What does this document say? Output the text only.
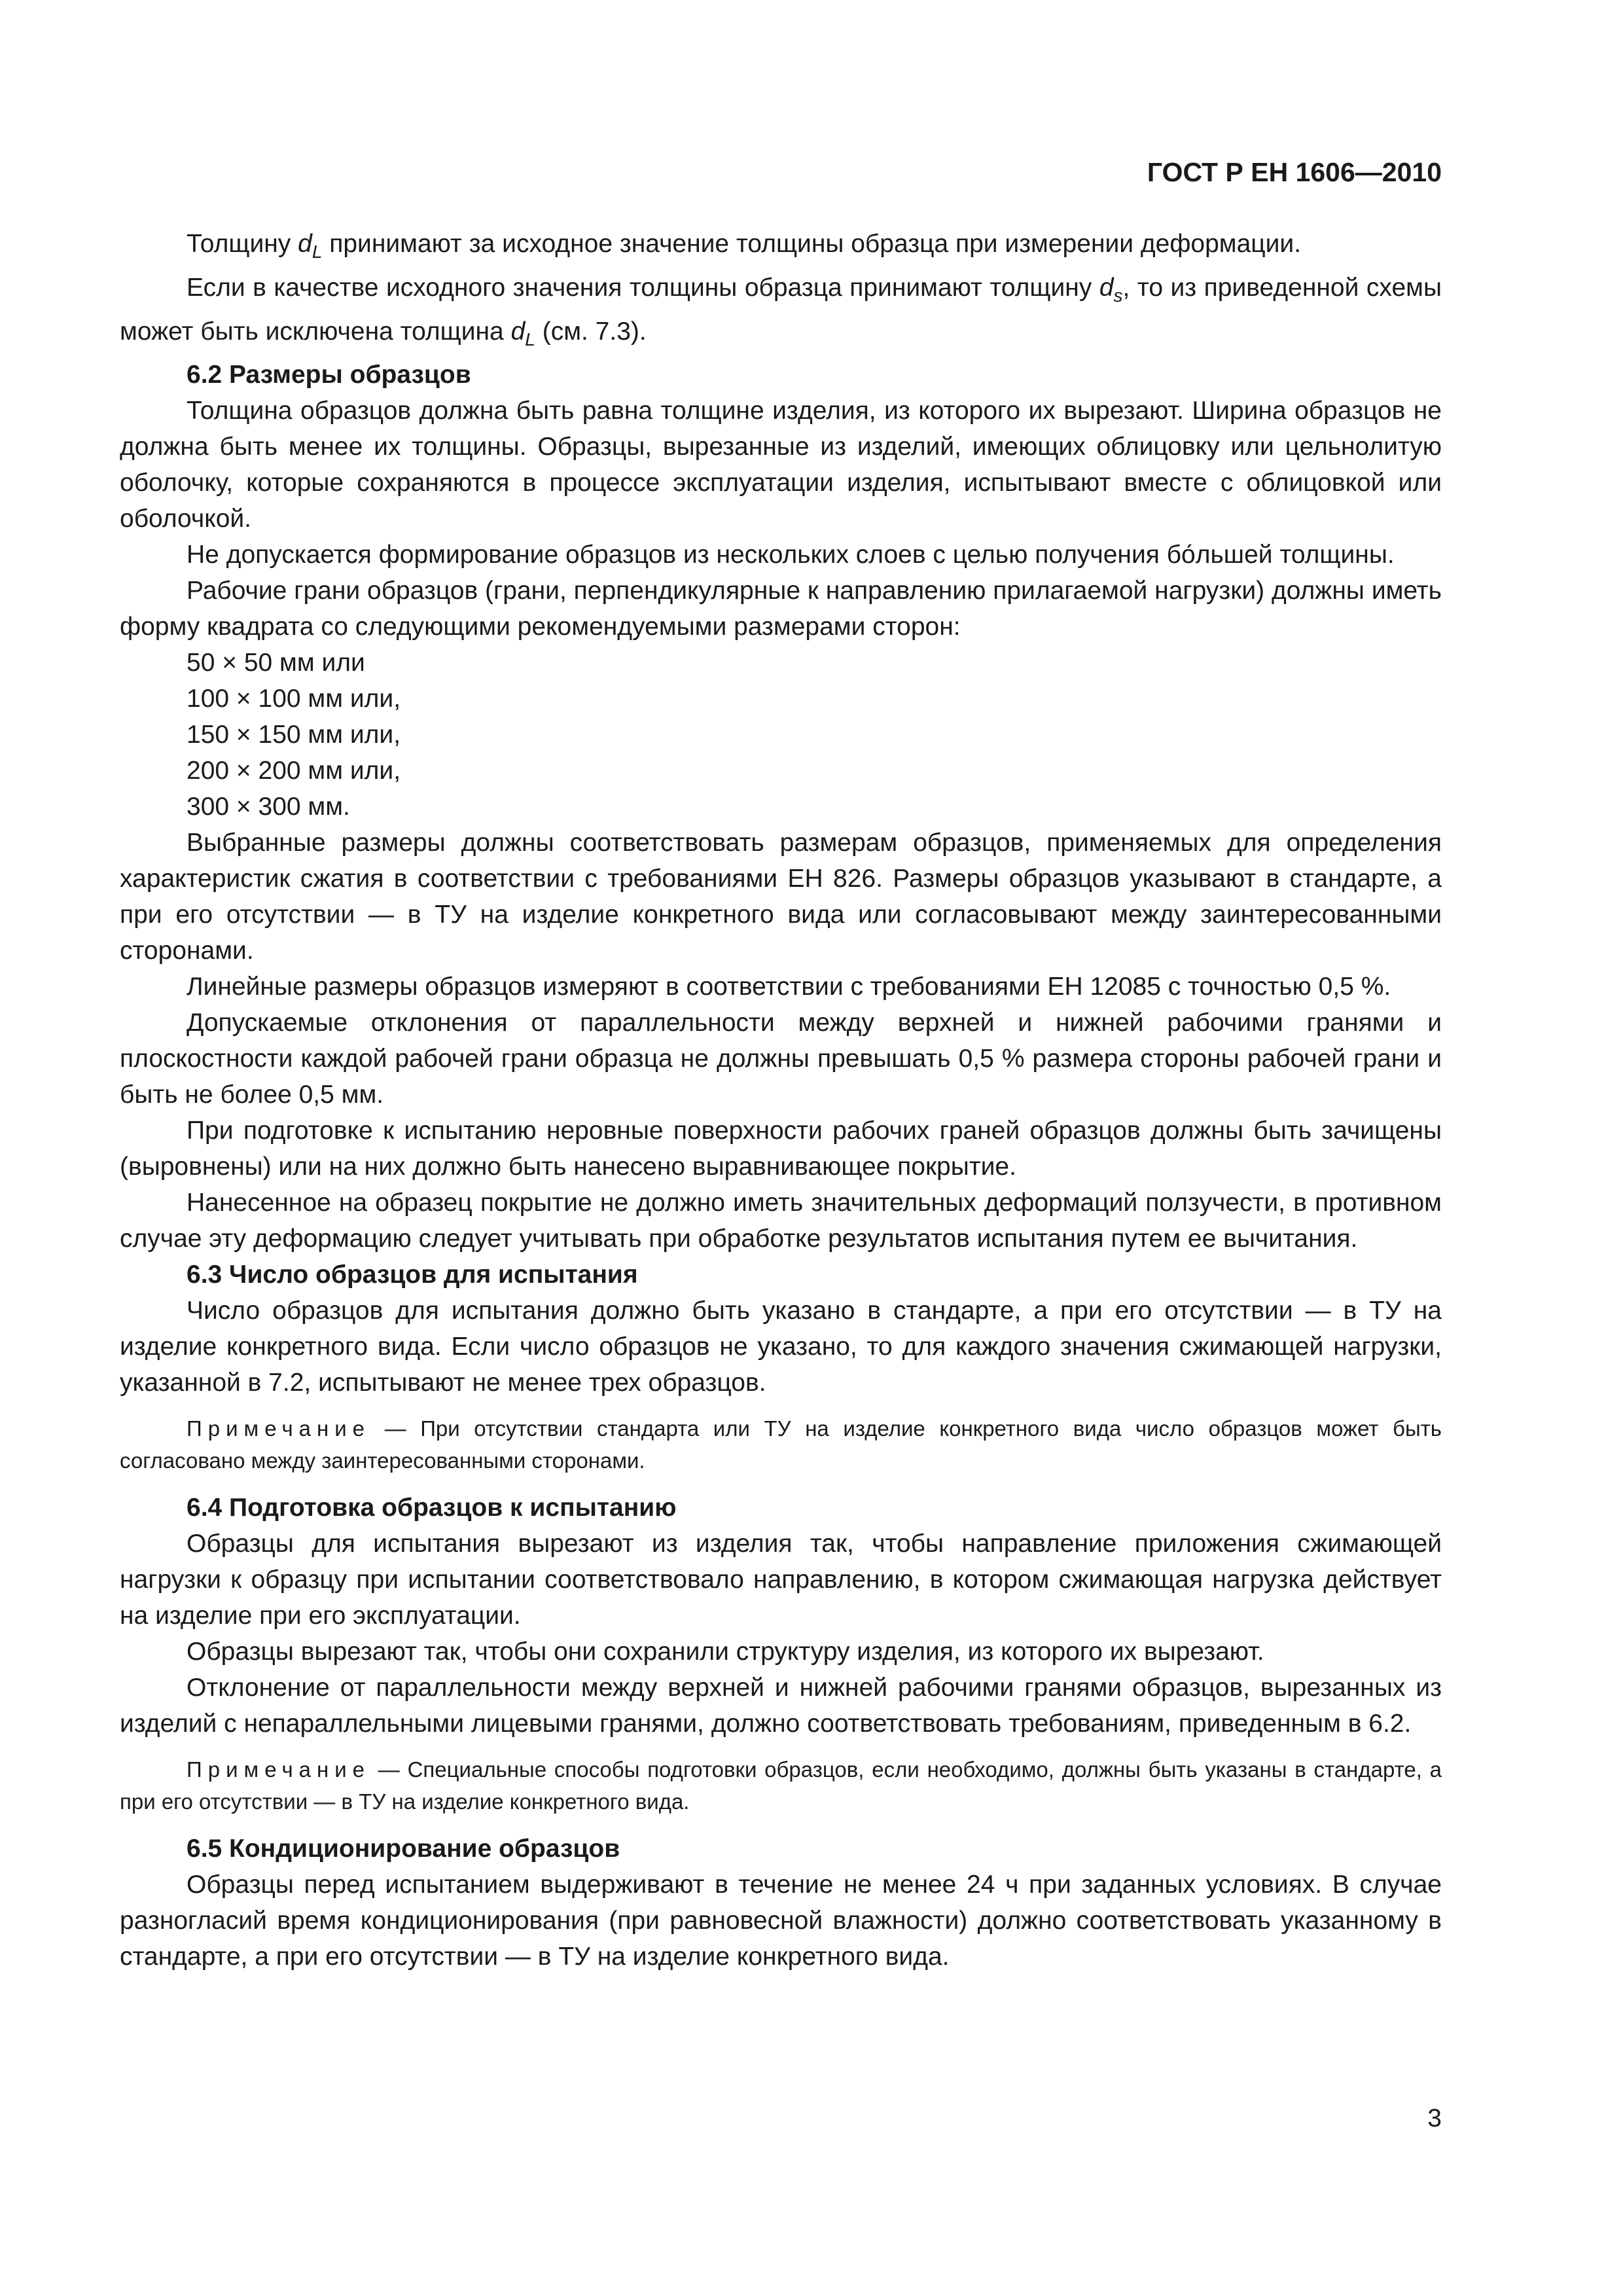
ГОСТ Р ЕН 1606—2010

Толщину $d_L$ принимают за исходное значение толщины образца при измерении деформации.

Если в качестве исходного значения толщины образца принимают толщину $d_s$, то из приведенной схемы может быть исключена толщина $d_L$ (см. 7.3).

6.2 Размеры образцов

Толщина образцов должна быть равна толщине изделия, из которого их вырезают. Ширина образцов не должна быть менее их толщины. Образцы, вырезанные из изделий, имеющих облицовку или цельнолитую оболочку, которые сохраняются в процессе эксплуатации изделия, испытывают вместе с облицовкой или оболочкой.

Не допускается формирование образцов из нескольких слоев с целью получения бо́льшей толщины.

Рабочие грани образцов (грани, перпендикулярные к направлению прилагаемой нагрузки) должны иметь форму квадрата со следующими рекомендуемыми размерами сторон:

50 × 50 мм или

100 × 100 мм или,

150 × 150 мм или,

200 × 200 мм или,

300 × 300 мм.

Выбранные размеры должны соответствовать размерам образцов, применяемых для определения характеристик сжатия в соответствии с требованиями ЕН 826. Размеры образцов указывают в стандарте, а при его отсутствии — в ТУ на изделие конкретного вида или согласовывают между заинтересованными сторонами.

Линейные размеры образцов измеряют в соответствии с требованиями ЕН 12085 с точностью 0,5 %.

Допускаемые отклонения от параллельности между верхней и нижней рабочими гранями и плоскостности каждой рабочей грани образца не должны превышать 0,5 % размера стороны рабочей грани и быть не более 0,5 мм.

При подготовке к испытанию неровные поверхности рабочих граней образцов должны быть зачищены (выровнены) или на них должно быть нанесено выравнивающее покрытие.

Нанесенное на образец покрытие не должно иметь значительных деформаций ползучести, в противном случае эту деформацию следует учитывать при обработке результатов испытания путем ее вычитания.

6.3 Число образцов для испытания

Число образцов для испытания должно быть указано в стандарте, а при его отсутствии — в ТУ на изделие конкретного вида. Если число образцов не указано, то для каждого значения сжимающей нагрузки, указанной в 7.2, испытывают не менее трех образцов.

Примечание — При отсутствии стандарта или ТУ на изделие конкретного вида число образцов может быть согласовано между заинтересованными сторонами.
6.4 Подготовка образцов к испытанию

Образцы для испытания вырезают из изделия так, чтобы направление приложения сжимающей нагрузки к образцу при испытании соответствовало направлению, в котором сжимающая нагрузка действует на изделие при его эксплуатации.

Образцы вырезают так, чтобы они сохранили структуру изделия, из которого их вырезают.

Отклонение от параллельности между верхней и нижней рабочими гранями образцов, вырезанных из изделий с непараллельными лицевыми гранями, должно соответствовать требованиям, приведенным в 6.2.

Примечание — Специальные способы подготовки образцов, если необходимо, должны быть указаны в стандарте, а при его отсутствии — в ТУ на изделие конкретного вида.
6.5 Кондиционирование образцов

Образцы перед испытанием выдерживают в течение не менее 24 ч при заданных условиях. В случае разногласий время кондиционирования (при равновесной влажности) должно соответствовать указанному в стандарте, а при его отсутствии — в ТУ на изделие конкретного вида.

3
